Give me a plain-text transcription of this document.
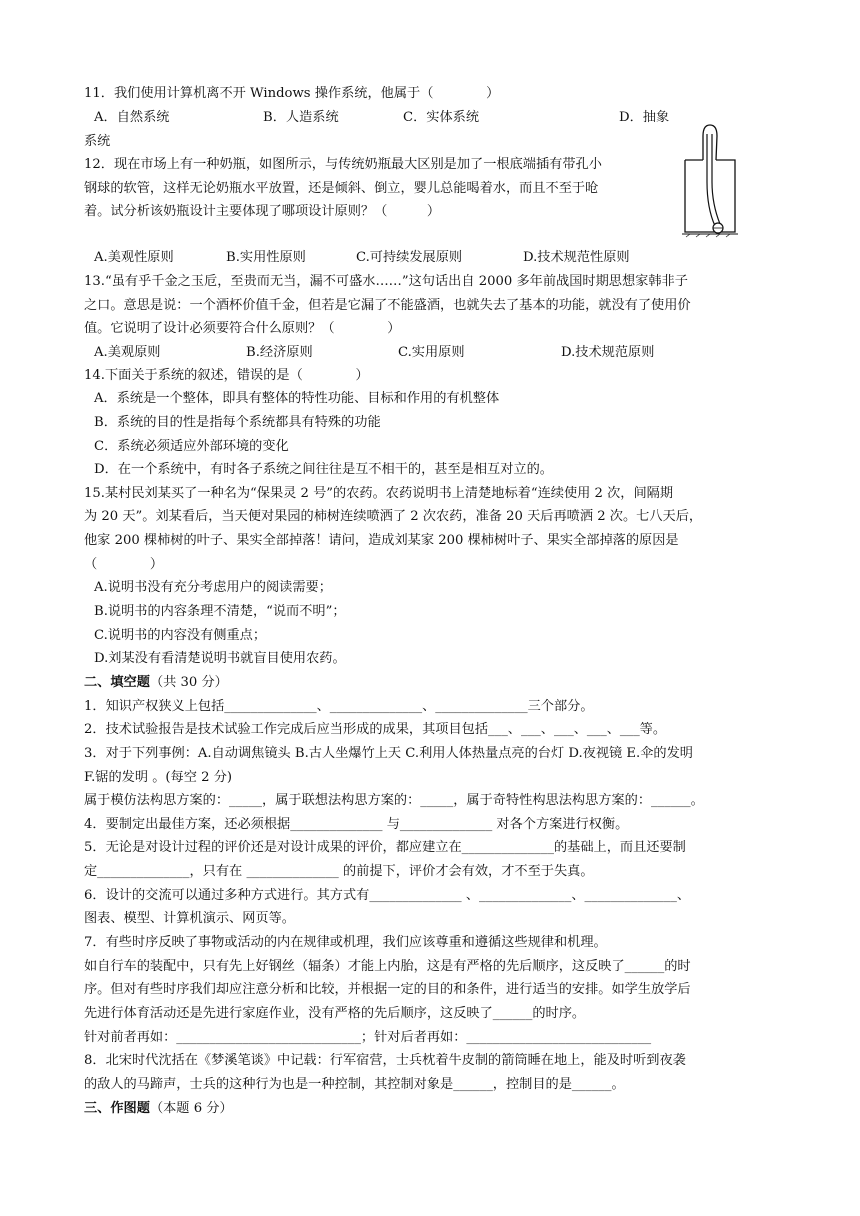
11．我们使用计算机离不开 Windows 操作系统，他属于（　　　　）
A．自然系统	B．人造系统	C．实体系统	D．抽象
系统
12．现在市场上有一种奶瓶，如图所示，与传统奶瓶最大区别是加了一根底端插有带孔小
钢球的软管，这样无论奶瓶水平放置，还是倾斜、倒立，婴儿总能喝着水，而且不至于呛
着。试分析该奶瓶设计主要体现了哪项设计原则？（　　　）
A.美观性原则	B.实用性原则	C.可持续发展原则	D.技术规范性原则
13.“虽有乎千金之玉卮，至贵而无当，漏不可盛水……”这句话出自 2000 多年前战国时期思想家韩非子
之口。意思是说：一个酒杯价值千金，但若是它漏了不能盛酒，也就失去了基本的功能，就没有了使用价
值。它说明了设计必须要符合什么原则？（　　　　）
A.美观原则	B.经济原则	C.实用原则	D.技术规范原则
14.下面关于系统的叙述，错误的是（　　　　）
A．系统是一个整体，即具有整体的特性功能、目标和作用的有机整体
B．系统的目的性是指每个系统都具有特殊的功能
C．系统必须适应外部环境的变化
D．在一个系统中，有时各子系统之间往往是互不相干的，甚至是相互对立的。
15.某村民刘某买了一种名为“保果灵 2 号”的农药。农药说明书上清楚地标着“连续使用 2 次，间隔期
为 20 天”。刘某看后，当天便对果园的柿树连续喷洒了 2 次农药，准备 20 天后再喷洒 2 次。七八天后，
他家 200 棵柿树的叶子、果实全部掉落！请问，造成刘某家 200 棵柿树叶子、果实全部掉落的原因是
（　　　　）
A.说明书没有充分考虑用户的阅读需要；
B.说明书的内容条理不清楚，“说而不明”；
C.说明书的内容没有侧重点；
D.刘某没有看清楚说明书就盲目使用农药。
二、填空题（共 30 分）
1．知识产权狭义上包括______________、______________、______________三个部分。
2．技术试验报告是技术试验工作完成后应当形成的成果，其项目包括___、___、___、___、___等。
3．对于下列事例：A.自动调焦镜头 B.古人坐爆竹上天 C.利用人体热量点亮的台灯 D.夜视镜 E.伞的发明
F.锯的发明 。(每空 2 分)
属于模仿法构思方案的：_____，属于联想法构思方案的：_____，属于奇特性构思法构思方案的：______。
4．要制定出最佳方案，还必须根据______________ 与______________ 对各个方案进行权衡。
5．无论是对设计过程的评价还是对设计成果的评价，都应建立在______________的基础上，而且还要制
定______________，只有在 ______________ 的前提下，评价才会有效，才不至于失真。
6．设计的交流可以通过多种方式进行。其方式有______________ 、______________、______________、
图表、模型、计算机演示、网页等。
7．有些时序反映了事物或活动的内在规律或机理，我们应该尊重和遵循这些规律和机理。
如自行车的装配中，只有先上好钢丝（辐条）才能上内胎，这是有严格的先后顺序，这反映了______的时
序。但对有些时序我们却应注意分析和比较，并根据一定的目的和条件，进行适当的安排。如学生放学后
先进行体育活动还是先进行家庭作业，没有严格的先后顺序，这反映了______的时序。
针对前者再如：____________________________；针对后者再如：____________________________
8．北宋时代沈括在《梦溪笔谈》中记载：行军宿营，士兵枕着牛皮制的箭筒睡在地上，能及时听到夜袭
的敌人的马蹄声，士兵的这种行为也是一种控制，其控制对象是______，控制目的是______。
三、作图题（本题 6 分）
